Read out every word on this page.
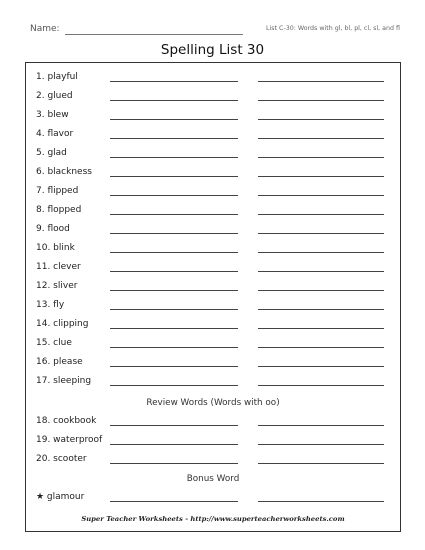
Name:	List C-30: Words with gl, bl, pl, cl, sl, and fl
Spelling List 30
1. playful
2. glued
3. blew
4. flavor
5. glad
6. blackness
7. flipped
8. flopped
9. flood
10. blink
11. clever
12. sliver
13. fly
14. clipping
15. clue
16. please
17. sleeping
Review Words (Words with oo)
18. cookbook
19. waterproof
20. scooter
Bonus Word
★ glamour
Super Teacher Worksheets - http://www.superteacherworksheets.com
